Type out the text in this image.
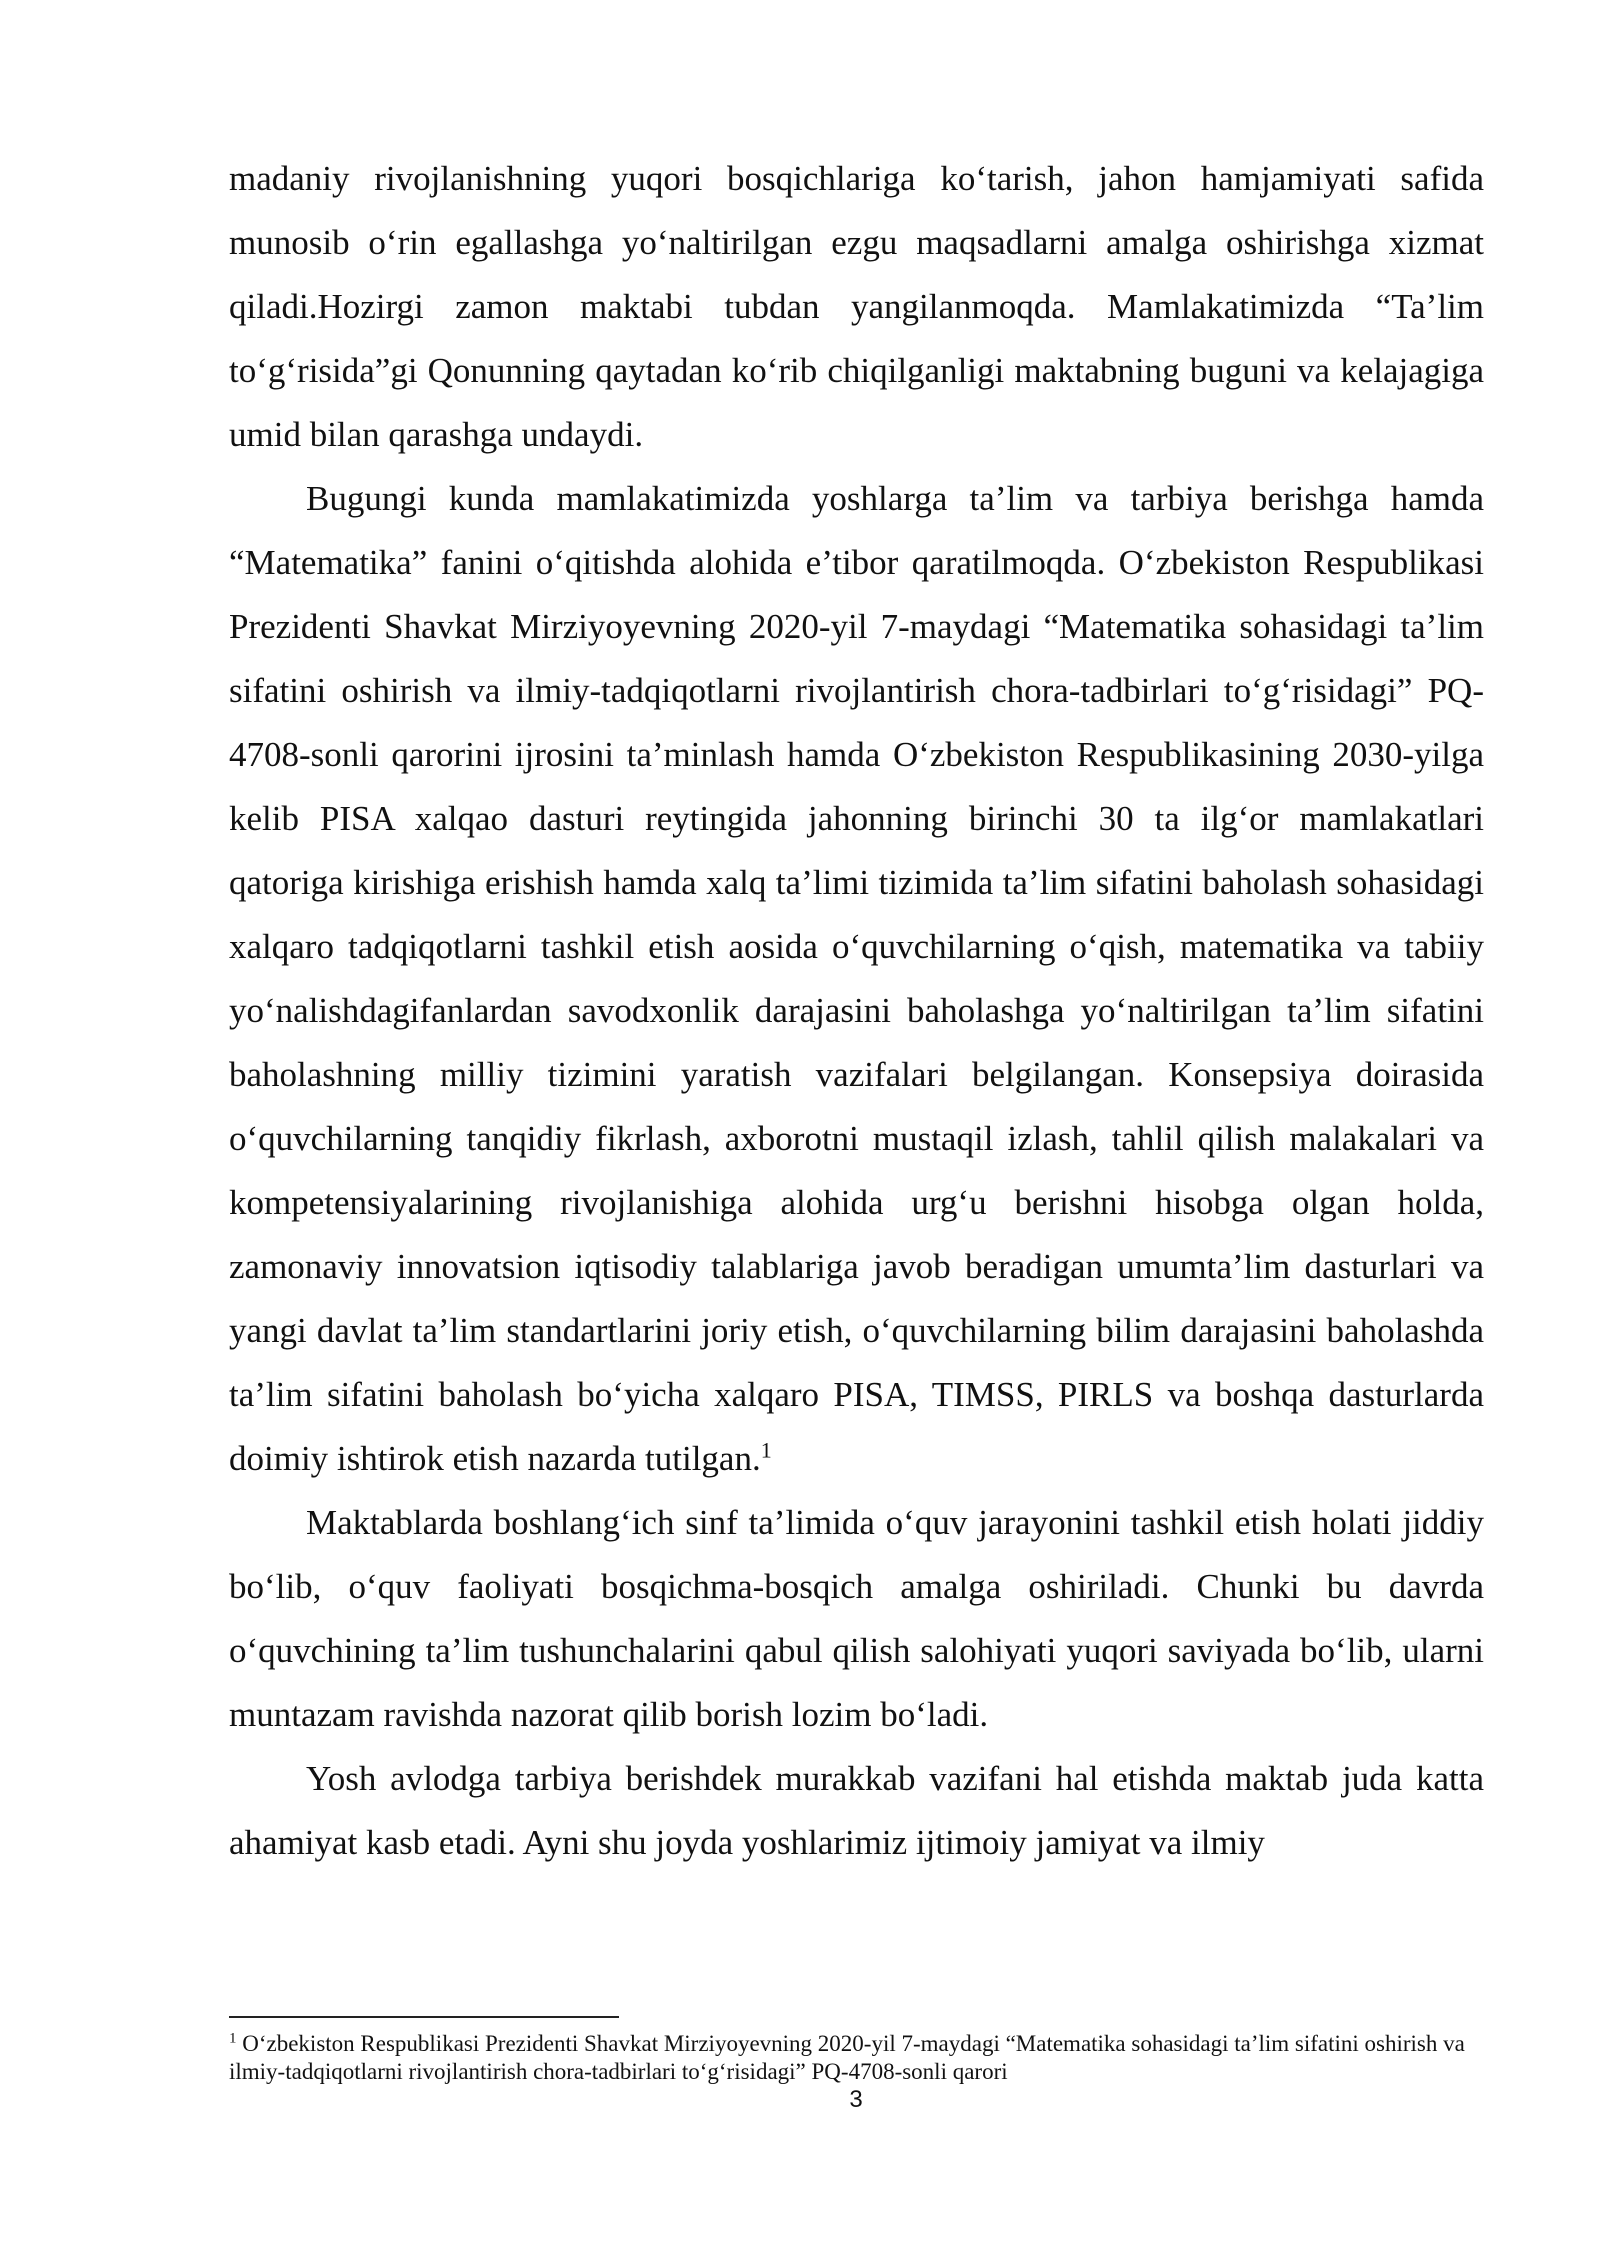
madaniy rivojlanishning yuqori bosqichlariga ko‘tarish, jahon hamjamiyati safida munosib o‘rin egallashga yo‘naltirilgan ezgu maqsadlarni amalga oshirishga xizmat qiladi.Hozirgi zamon maktabi tubdan yangilanmoqda. Mamlakatimizda “Ta’lim to‘g‘risida”gi Qonunning qaytadan ko‘rib chiqilganligi maktabning buguni va kelajagiga umid bilan qarashga undaydi.

Bugungi kunda mamlakatimizda yoshlarga ta’lim va tarbiya berishga hamda “Matematika” fanini o‘qitishda alohida e’tibor qaratilmoqda. O‘zbekiston Respublikasi Prezidenti Shavkat Mirziyoyevning 2020-yil 7-maydagi “Matematika sohasidagi ta’lim sifatini oshirish va ilmiy-tadqiqotlarni rivojlantirish chora-tadbirlari to‘g‘risidagi” PQ-4708-sonli qarorini ijrosini ta’minlash hamda O‘zbekiston Respublikasining 2030-yilga kelib PISA xalqao dasturi reytingida jahonning birinchi 30 ta ilg‘or mamlakatlari qatoriga kirishiga erishish hamda xalq ta’limi tizimida ta’lim sifatini baholash sohasidagi xalqaro tadqiqotlarni tashkil etish aosida o‘quvchilarning o‘qish, matematika va tabiiy yo‘nalishdagifanlardan savodxonlik darajasini baholashga yo‘naltirilgan ta’lim sifatini baholashning milliy tizimini yaratish vazifalari belgilangan. Konsepsiya doirasida o‘quvchilarning tanqidiy fikrlash, axborotni mustaqil izlash, tahlil qilish malakalari va kompetensiyalarining rivojlanishiga alohida urg‘u berishni hisobga olgan holda, zamonaviy innovatsion iqtisodiy talablariga javob beradigan umumta’lim dasturlari va yangi davlat ta’lim standartlarini joriy etish, o‘quvchilarning bilim darajasini baholashda ta’lim sifatini baholash bo‘yicha xalqaro PISA, TIMSS, PIRLS va boshqa dasturlarda doimiy ishtirok etish nazarda tutilgan.$^1$

Maktablarda boshlang‘ich sinf ta’limida o‘quv jarayonini tashkil etish holati jiddiy bo‘lib, o‘quv faoliyati bosqichma-bosqich amalga oshiriladi. Chunki bu davrda o‘quvchining ta’lim tushunchalarini qabul qilish salohiyati yuqori saviyada bo‘lib, ularni muntazam ravishda nazorat qilib borish lozim bo‘ladi.

Yosh avlodga tarbiya berishdek murakkab vazifani hal etishda maktab juda katta ahamiyat kasb etadi. Ayni shu joyda yoshlarimiz ijtimoiy jamiyat va ilmiy

$^1$ O‘zbekiston Respublikasi Prezidenti Shavkat Mirziyoyevning 2020-yil 7-maydagi “Matematika sohasidagi ta’lim sifatini oshirish va ilmiy-tadqiqotlarni rivojlantirish chora-tadbirlari to‘g‘risidagi” PQ-4708-sonli qarori
3
